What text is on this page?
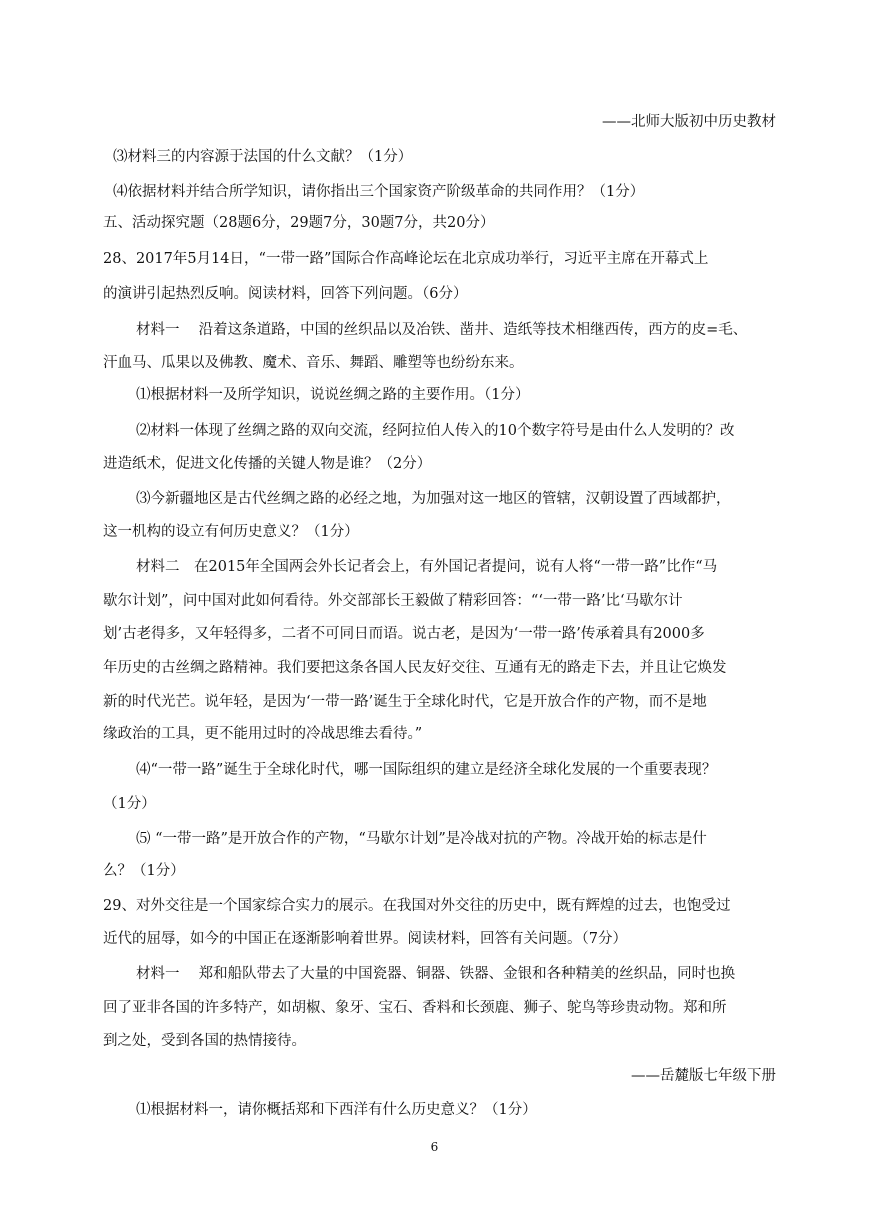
——北师大版初中历史教材
⑶材料三的内容源于法国的什么文献？（1分）
⑷依据材料并结合所学知识，请你指出三个国家资产阶级革命的共同作用？（1分）
五、活动探究题（28题6分，29题7分，30题7分，共20分）
28、2017年5月14日，“一带一路”国际合作高峰论坛在北京成功举行，习近平主席在开幕式上
的演讲引起热烈反响。阅读材料，回答下列问题。（6分）
材料一　 沿着这条道路，中国的丝织品以及冶铁、凿井、造纸等技术相继西传，西方的皮=毛、
汗血马、瓜果以及佛教、魔术、音乐、舞蹈、雕塑等也纷纷东来。
⑴根据材料一及所学知识，说说丝绸之路的主要作用。（1分）
⑵材料一体现了丝绸之路的双向交流，经阿拉伯人传入的10个数字符号是由什么人发明的？改
进造纸术，促进文化传播的关键人物是谁？（2分）
⑶今新疆地区是古代丝绸之路的必经之地，为加强对这一地区的管辖，汉朝设置了西域都护，
这一机构的设立有何历史意义？（1分）
材料二　在2015年全国两会外长记者会上，有外国记者提问，说有人将“一带一路”比作“马
歇尔计划”，问中国对此如何看待。外交部部长王毅做了精彩回答：“‘一带一路’比‘马歇尔计
划’古老得多，又年轻得多，二者不可同日而语。说古老，是因为‘一带一路’传承着具有2000多
年历史的古丝绸之路精神。我们要把这条各国人民友好交往、互通有无的路走下去，并且让它焕发
新的时代光芒。说年轻，是因为‘一带一路’诞生于全球化时代，它是开放合作的产物，而不是地
缘政治的工具，更不能用过时的冷战思维去看待。”
⑷“一带一路”诞生于全球化时代，哪一国际组织的建立是经济全球化发展的一个重要表现？
（1分）
⑸ “一带一路”是开放合作的产物，“马歇尔计划”是冷战对抗的产物。冷战开始的标志是什
么？（1分）
29、对外交往是一个国家综合实力的展示。在我国对外交往的历史中，既有辉煌的过去，也饱受过
近代的屈辱，如今的中国正在逐渐影响着世界。阅读材料，回答有关问题。（7分）
材料一　 郑和船队带去了大量的中国瓷器、铜器、铁器、金银和各种精美的丝织品，同时也换
回了亚非各国的许多特产，如胡椒、象牙、宝石、香料和长颈鹿、狮子、鸵鸟等珍贵动物。郑和所
到之处，受到各国的热情接待。
——岳麓版七年级下册
⑴根据材料一，请你概括郑和下西洋有什么历史意义？（1分）
6
